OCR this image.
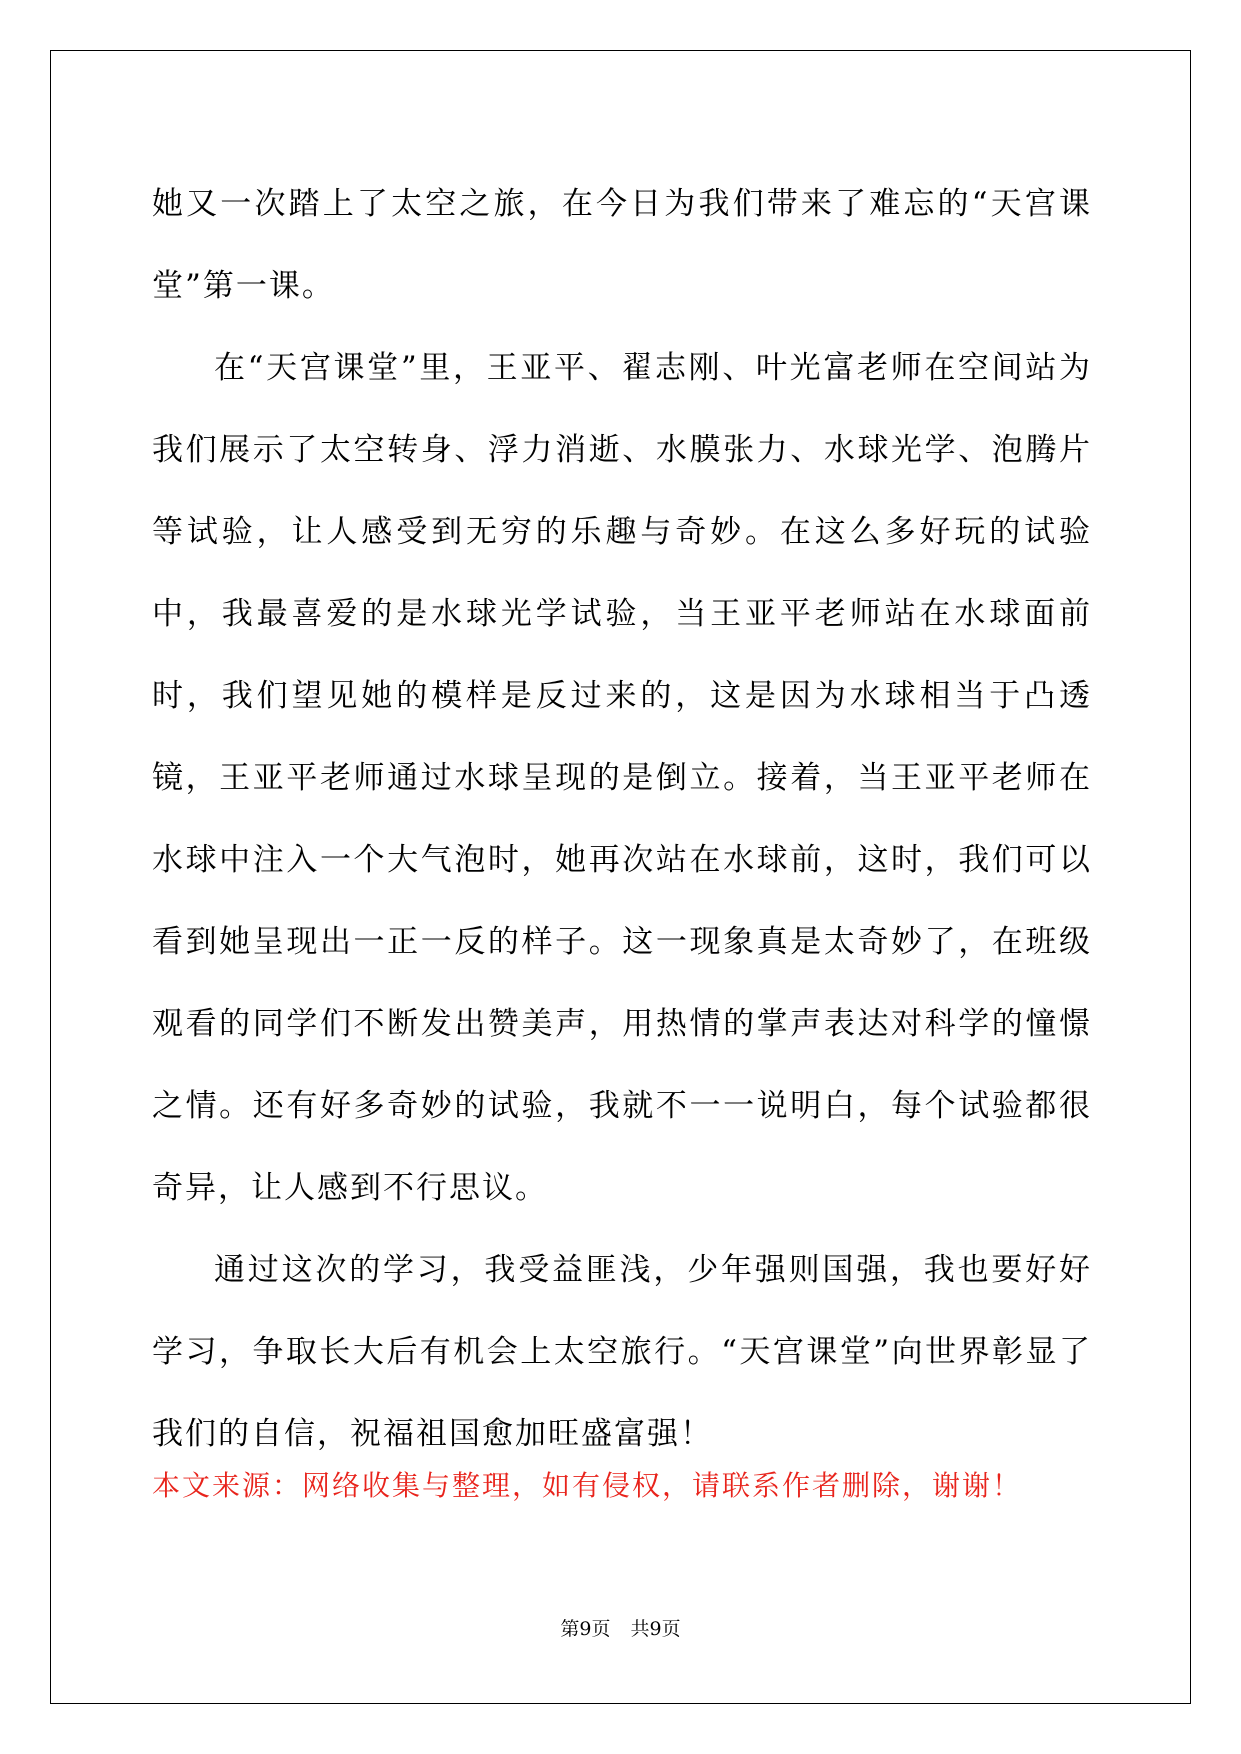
她又一次踏上了太空之旅，在今日为我们带来了难忘的“天宫课堂”第一课。

在“天宫课堂”里，王亚平、翟志刚、叶光富老师在空间站为我们展示了太空转身、浮力消逝、水膜张力、水球光学、泡腾片等试验，让人感受到无穷的乐趣与奇妙。在这么多好玩的试验中，我最喜爱的是水球光学试验，当王亚平老师站在水球面前时，我们望见她的模样是反过来的，这是因为水球相当于凸透镜，王亚平老师通过水球呈现的是倒立。接着，当王亚平老师在水球中注入一个大气泡时，她再次站在水球前，这时，我们可以看到她呈现出一正一反的样子。这一现象真是太奇妙了，在班级观看的同学们不断发出赞美声，用热情的掌声表达对科学的憧憬之情。还有好多奇妙的试验，我就不一一说明白，每个试验都很奇异，让人感到不行思议。

通过这次的学习，我受益匪浅，少年强则国强，我也要好好学习，争取长大后有机会上太空旅行。“天宫课堂”向世界彰显了我们的自信，祝福祖国愈加旺盛富强！

本文来源：网络收集与整理，如有侵权，请联系作者删除，谢谢！

第9页 共9页
